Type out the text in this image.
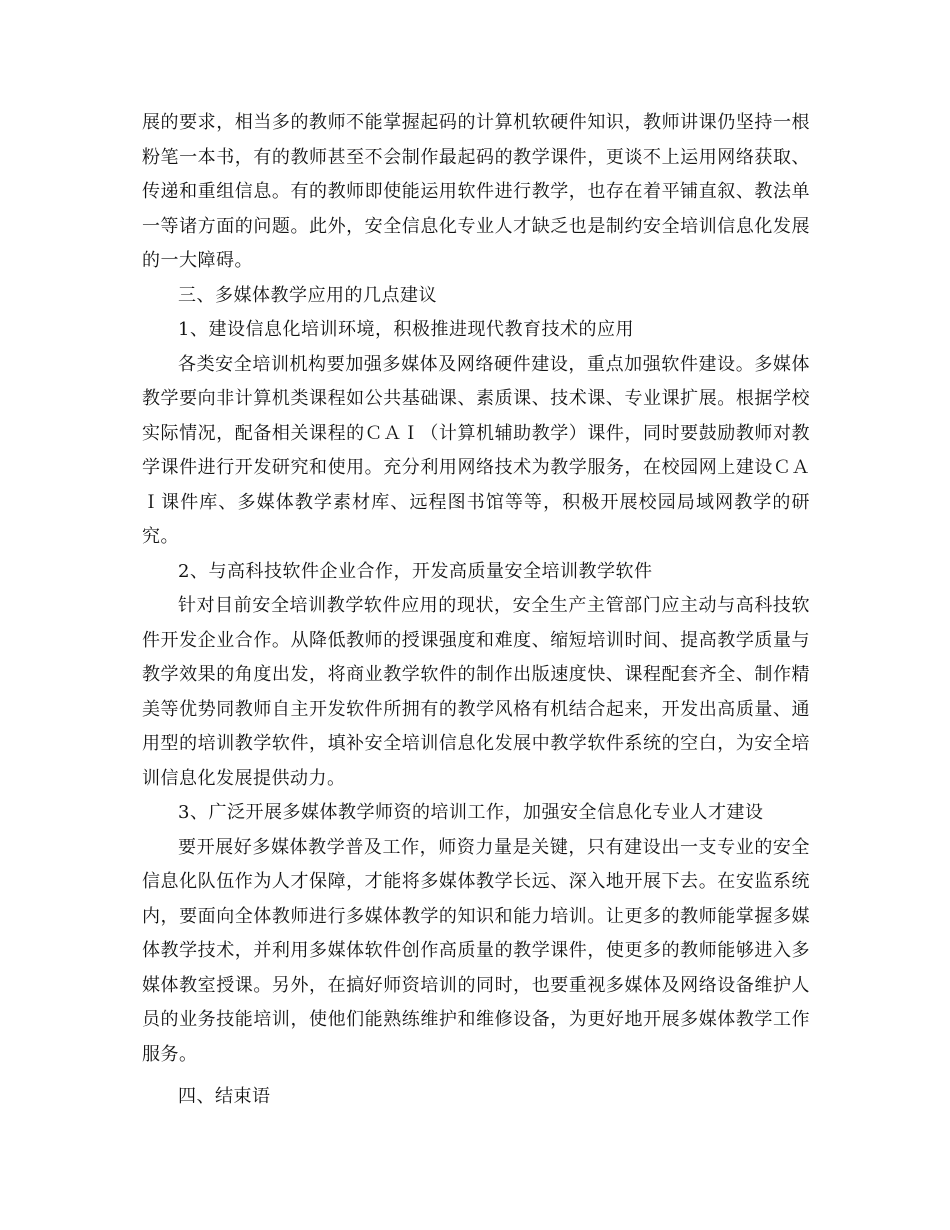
展的要求，相当多的教师不能掌握起码的计算机软硬件知识，教师讲课仍坚持一根粉笔一本书，有的教师甚至不会制作最起码的教学课件，更谈不上运用网络获取、传递和重组信息。有的教师即使能运用软件进行教学，也存在着平铺直叙、教法单一等诸方面的问题。此外，安全信息化专业人才缺乏也是制约安全培训信息化发展的一大障碍。

三、多媒体教学应用的几点建议

1、建设信息化培训环境，积极推进现代教育技术的应用

各类安全培训机构要加强多媒体及网络硬件建设，重点加强软件建设。多媒体教学要向非计算机类课程如公共基础课、素质课、技术课、专业课扩展。根据学校实际情况，配备相关课程的ＣＡＩ（计算机辅助教学）课件，同时要鼓励教师对教学课件进行开发研究和使用。充分利用网络技术为教学服务，在校园网上建设ＣＡＩ课件库、多媒体教学素材库、远程图书馆等等，积极开展校园局域网教学的研究。

2、与高科技软件企业合作，开发高质量安全培训教学软件

针对目前安全培训教学软件应用的现状，安全生产主管部门应主动与高科技软件开发企业合作。从降低教师的授课强度和难度、缩短培训时间、提高教学质量与教学效果的角度出发，将商业教学软件的制作出版速度快、课程配套齐全、制作精美等优势同教师自主开发软件所拥有的教学风格有机结合起来，开发出高质量、通用型的培训教学软件，填补安全培训信息化发展中教学软件系统的空白，为安全培训信息化发展提供动力。

3、广泛开展多媒体教学师资的培训工作，加强安全信息化专业人才建设

要开展好多媒体教学普及工作，师资力量是关键，只有建设出一支专业的安全信息化队伍作为人才保障，才能将多媒体教学长远、深入地开展下去。在安监系统内，要面向全体教师进行多媒体教学的知识和能力培训。让更多的教师能掌握多媒体教学技术，并利用多媒体软件创作高质量的教学课件，使更多的教师能够进入多媒体教室授课。另外，在搞好师资培训的同时，也要重视多媒体及网络设备维护人员的业务技能培训，使他们能熟练维护和维修设备，为更好地开展多媒体教学工作服务。

四、结束语
